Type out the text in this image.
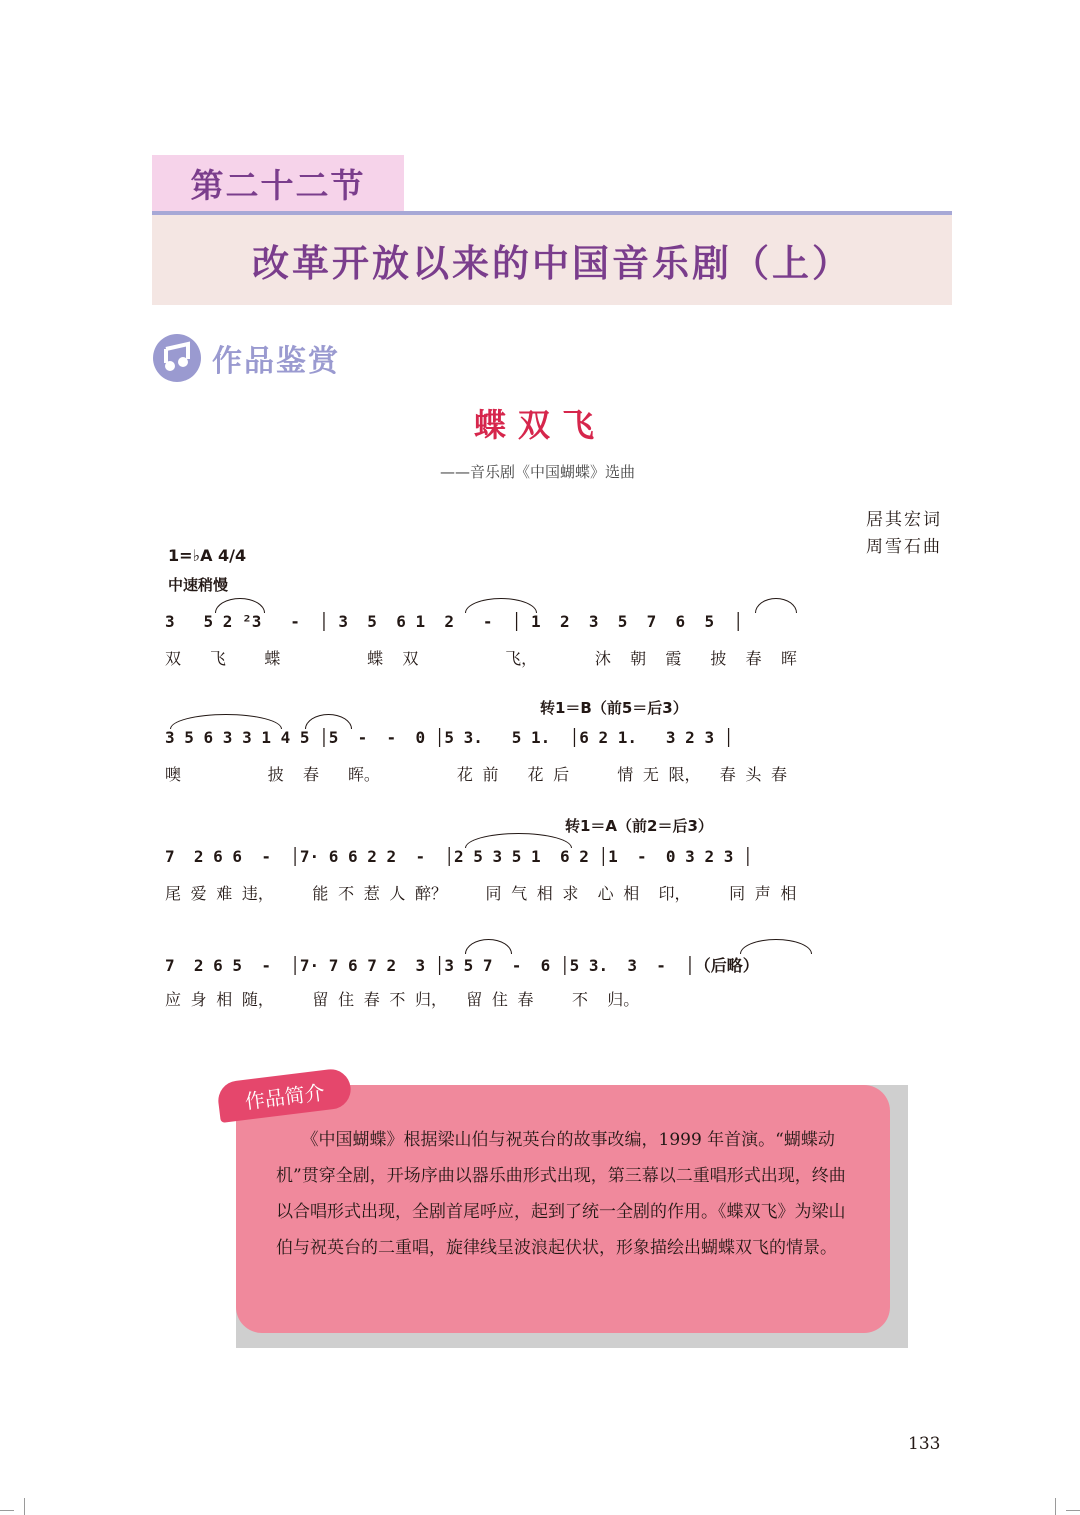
第二十二节
改革开放以来的中国音乐剧（上）
作品鉴赏
蝶双飞
——音乐剧《中国蝴蝶》选曲
居其宏词
周雪石曲
1=♭A 4/4
中速稍慢
3   5 2 ²3   -  │ 3  5  6 1  2   -  │ 1  2  3  5  7  6  5  │
双   飞    蝶         蝶  双         飞，      沐  朝  霞   披  春  晖
转1＝B（前5＝后3）
3 5 6 3 3 1 4 5 │5  -  -  0 │5 3.   5 1.  │6 2 1.   3 2 3 │
噢         披  春   晖。        花 前   花 后     情 无 限，  春 头 春
转1＝A（前2＝后3）
7  2 6 6  -  │7· 6 6 2 2  -  │2 5 3 5 1  6 2 │1  -  0 3 2 3 │
尾 爱 难 违，    能 不 惹 人 醉？    同 气 相 求  心 相  印，    同 声 相
7  2 6 5  -  │7· 7 6 7 2  3 │3 5 7  -  6 │5 3.  3  -  │（后略）
应 身 相 随，    留 住 春 不 归，  留 住 春    不  归。
作品简介
　　《中国蝴蝶》根据梁山伯与祝英台的故事改编，1999 年首演。“蝴蝶动机”贯穿全剧，开场序曲以器乐曲形式出现，第三幕以二重唱形式出现，终曲以合唱形式出现，全剧首尾呼应，起到了统一全剧的作用。《蝶双飞》为梁山伯与祝英台的二重唱，旋律线呈波浪起伏状，形象描绘出蝴蝶双飞的情景。
133
